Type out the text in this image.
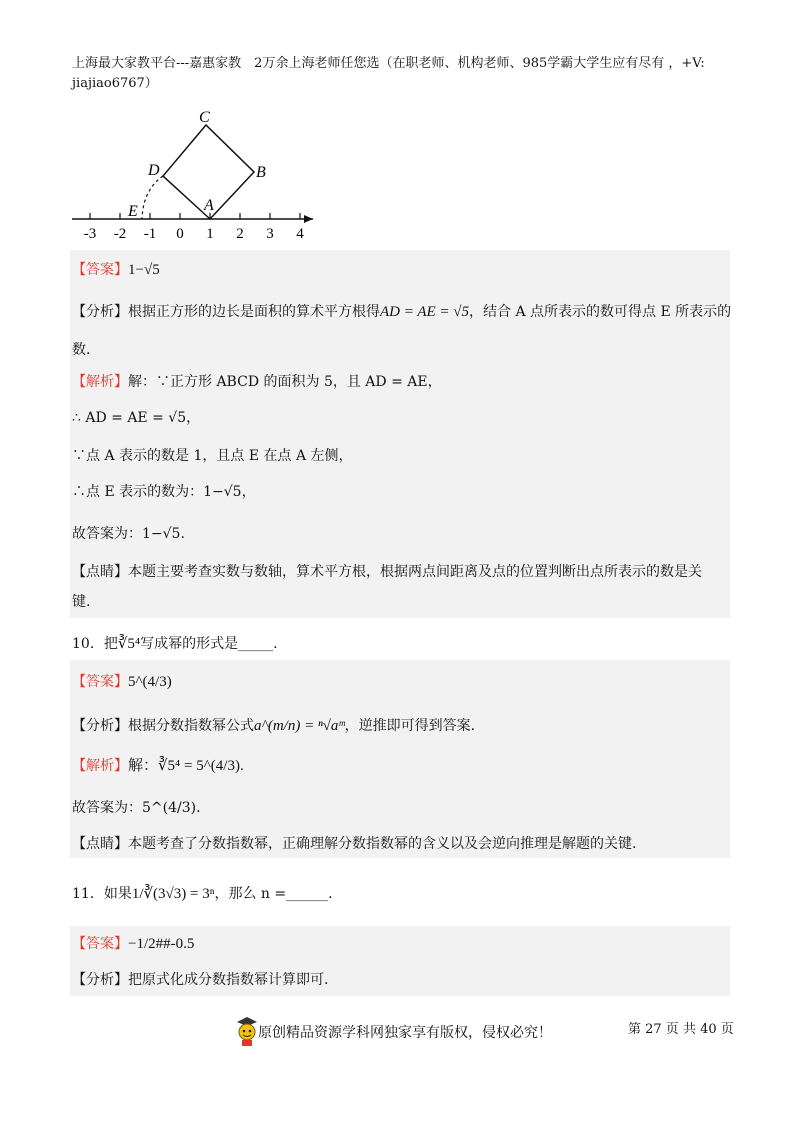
上海最大家教平台---嘉惠家教　2万余上海老师任您选（在职老师、机构老师、985学霸大学生应有尽有 ，+V:
jiajiao6767）
C
B
D
A
E
-3 -2 -1 0 1 2 3 4
【答案】1−√5
【分析】根据正方形的边长是面积的算术平方根得AD = AE = √5，结合 A 点所表示的数可得点 E 所表示的
数.
【解析】解：∵正方形 ABCD 的面积为 5，且 AD = AE，
∴ AD = AE = √5，
∵点 A 表示的数是 1，且点 E 在点 A 左侧，
∴点 E 表示的数为：1−√5，
故答案为：1−√5.
【点睛】本题主要考查实数与数轴，算术平方根，根据两点间距离及点的位置判断出点所表示的数是关
键.
10．把∛5⁴写成幂的形式是_____.
【答案】5^(4/3)
【分析】根据分数指数幂公式a^(m/n) = ⁿ√aᵐ，逆推即可得到答案.
【解析】解：∛5⁴ = 5^(4/3).
故答案为：5^(4/3).
【点睛】本题考查了分数指数幂，正确理解分数指数幂的含义以及会逆向推理是解题的关键.
11．如果1/∛(3√3) = 3ⁿ，那么 n =______.
【答案】−1/2##-0.5
【分析】把原式化成分数指数幂计算即可.
原创精品资源学科网独家享有版权，侵权必究！	第 27 页 共 40 页
